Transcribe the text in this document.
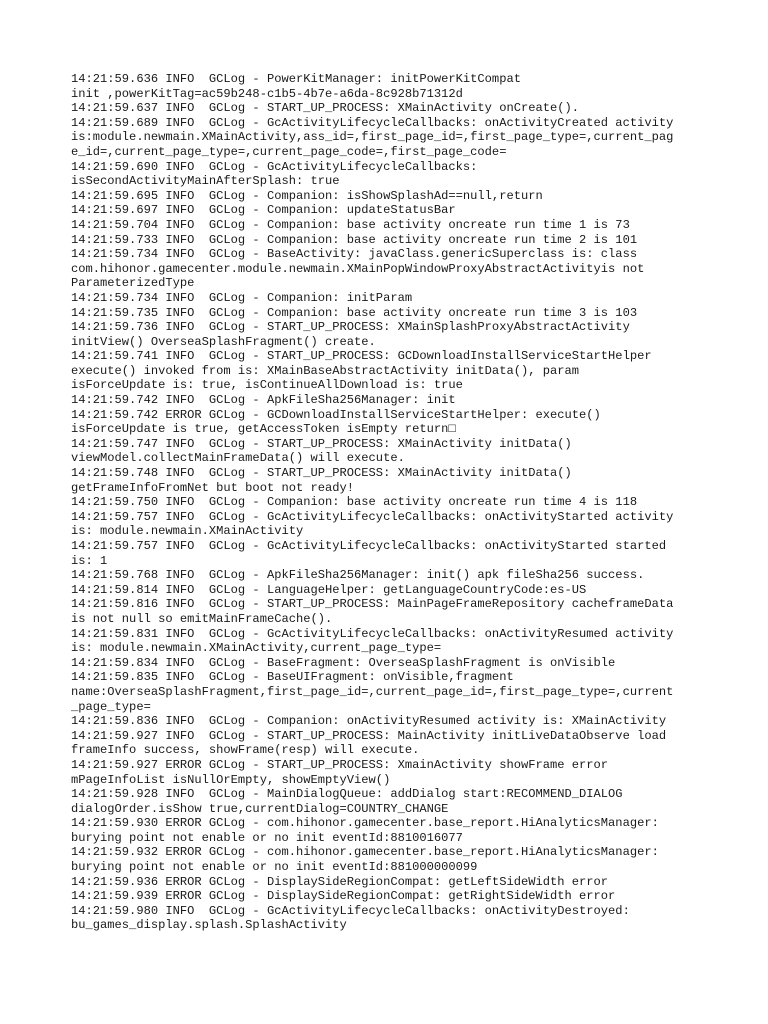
14:21:59.636 INFO  GCLog - PowerKitManager: initPowerKitCompat
init ,powerKitTag=ac59b248-c1b5-4b7e-a6da-8c928b71312d
14:21:59.637 INFO  GCLog - START_UP_PROCESS: XMainActivity onCreate().
14:21:59.689 INFO  GCLog - GcActivityLifecycleCallbacks: onActivityCreated activity
is:module.newmain.XMainActivity,ass_id=,first_page_id=,first_page_type=,current_pag
e_id=,current_page_type=,current_page_code=,first_page_code=
14:21:59.690 INFO  GCLog - GcActivityLifecycleCallbacks:
isSecondActivityMainAfterSplash: true
14:21:59.695 INFO  GCLog - Companion: isShowSplashAd==null,return
14:21:59.697 INFO  GCLog - Companion: updateStatusBar
14:21:59.704 INFO  GCLog - Companion: base activity oncreate run time 1 is 73
14:21:59.733 INFO  GCLog - Companion: base activity oncreate run time 2 is 101
14:21:59.734 INFO  GCLog - BaseActivity: javaClass.genericSuperclass is: class
com.hihonor.gamecenter.module.newmain.XMainPopWindowProxyAbstractActivityis not
ParameterizedType
14:21:59.734 INFO  GCLog - Companion: initParam
14:21:59.735 INFO  GCLog - Companion: base activity oncreate run time 3 is 103
14:21:59.736 INFO  GCLog - START_UP_PROCESS: XMainSplashProxyAbstractActivity
initView() OverseaSplashFragment() create.
14:21:59.741 INFO  GCLog - START_UP_PROCESS: GCDownloadInstallServiceStartHelper
execute() invoked from is: XMainBaseAbstractActivity initData(), param
isForceUpdate is: true, isContinueAllDownload is: true
14:21:59.742 INFO  GCLog - ApkFileSha256Manager: init
14:21:59.742 ERROR GCLog - GCDownloadInstallServiceStartHelper: execute()
isForceUpdate is true, getAccessToken isEmpty return□
14:21:59.747 INFO  GCLog - START_UP_PROCESS: XMainActivity initData()
viewModel.collectMainFrameData() will execute.
14:21:59.748 INFO  GCLog - START_UP_PROCESS: XMainActivity initData()
getFrameInfoFromNet but boot not ready!
14:21:59.750 INFO  GCLog - Companion: base activity oncreate run time 4 is 118
14:21:59.757 INFO  GCLog - GcActivityLifecycleCallbacks: onActivityStarted activity
is: module.newmain.XMainActivity
14:21:59.757 INFO  GCLog - GcActivityLifecycleCallbacks: onActivityStarted started
is: 1
14:21:59.768 INFO  GCLog - ApkFileSha256Manager: init() apk fileSha256 success.
14:21:59.814 INFO  GCLog - LanguageHelper: getLanguageCountryCode:es-US
14:21:59.816 INFO  GCLog - START_UP_PROCESS: MainPageFrameRepository cacheframeData
is not null so emitMainFrameCache().
14:21:59.831 INFO  GCLog - GcActivityLifecycleCallbacks: onActivityResumed activity
is: module.newmain.XMainActivity,current_page_type=
14:21:59.834 INFO  GCLog - BaseFragment: OverseaSplashFragment is onVisible
14:21:59.835 INFO  GCLog - BaseUIFragment: onVisible,fragment
name:OverseaSplashFragment,first_page_id=,current_page_id=,first_page_type=,current
_page_type=
14:21:59.836 INFO  GCLog - Companion: onActivityResumed activity is: XMainActivity
14:21:59.927 INFO  GCLog - START_UP_PROCESS: MainActivity initLiveDataObserve load
frameInfo success, showFrame(resp) will execute.
14:21:59.927 ERROR GCLog - START_UP_PROCESS: XmainActivity showFrame error
mPageInfoList isNullOrEmpty, showEmptyView()
14:21:59.928 INFO  GCLog - MainDialogQueue: addDialog start:RECOMMEND_DIALOG
dialogOrder.isShow true,currentDialog=COUNTRY_CHANGE
14:21:59.930 ERROR GCLog - com.hihonor.gamecenter.base_report.HiAnalyticsManager:
burying point not enable or no init eventId:8810016077
14:21:59.932 ERROR GCLog - com.hihonor.gamecenter.base_report.HiAnalyticsManager:
burying point not enable or no init eventId:881000000099
14:21:59.936 ERROR GCLog - DisplaySideRegionCompat: getLeftSideWidth error
14:21:59.939 ERROR GCLog - DisplaySideRegionCompat: getRightSideWidth error
14:21:59.980 INFO  GCLog - GcActivityLifecycleCallbacks: onActivityDestroyed:
bu_games_display.splash.SplashActivity
